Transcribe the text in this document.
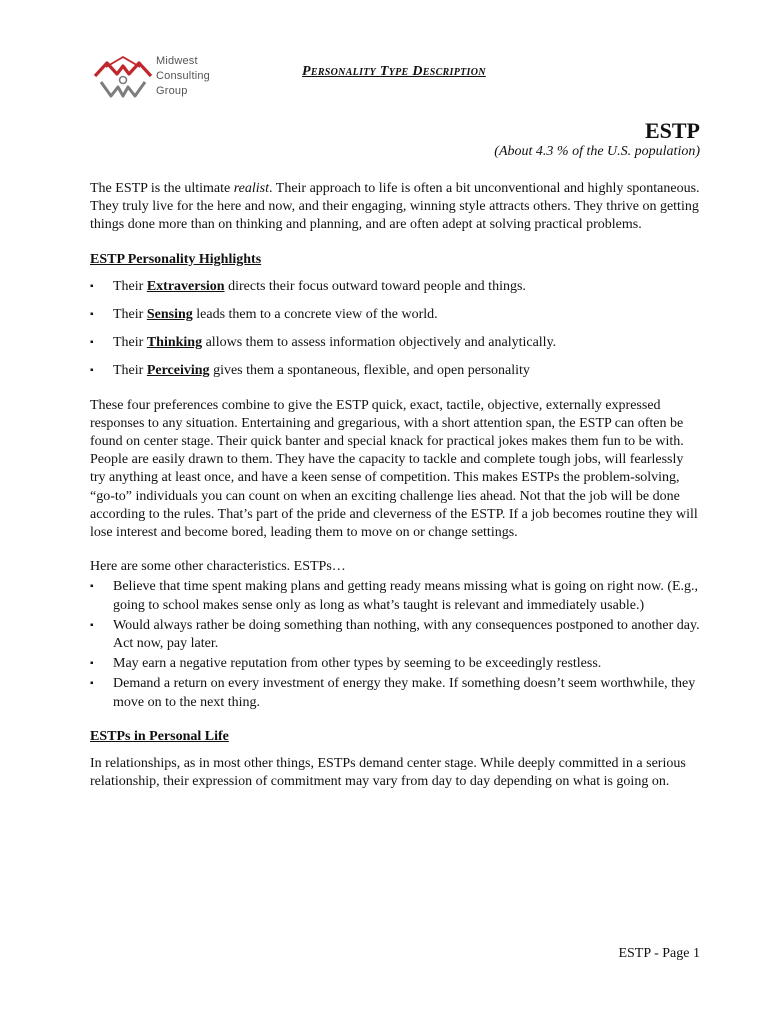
Midwest
Consulting
Group
Personality Type Description
ESTP
(About 4.3 % of the U.S. population)

The ESTP is the ultimate realist. Their approach to life is often a bit unconventional and highly spontaneous. They truly live for the here and now, and their engaging, winning style attracts others. They thrive on getting things done more than on thinking and planning, and are often adept at solving practical problems.

ESTP Personality Highlights
▪ Their Extraversion directs their focus outward toward people and things.
▪ Their Sensing leads them to a concrete view of the world.
▪ Their Thinking allows them to assess information objectively and analytically.
▪ Their Perceiving gives them a spontaneous, flexible, and open personality

These four preferences combine to give the ESTP quick, exact, tactile, objective, externally expressed responses to any situation. Entertaining and gregarious, with a short attention span, the ESTP can often be found on center stage. Their quick banter and special knack for practical jokes makes them fun to be with. People are easily drawn to them. They have the capacity to tackle and complete tough jobs, will fearlessly try anything at least once, and have a keen sense of competition. This makes ESTPs the problem-solving, “go-to” individuals you can count on when an exciting challenge lies ahead. Not that the job will be done according to the rules. That’s part of the pride and cleverness of the ESTP. If a job becomes routine they will lose interest and become bored, leading them to move on or change settings.

Here are some other characteristics. ESTPs…

▪ Believe that time spent making plans and getting ready means missing what is going on right now. (E.g., going to school makes sense only as long as what’s taught is relevant and immediately usable.)
▪ Would always rather be doing something than nothing, with any consequences postponed to another day. Act now, pay later.
▪ May earn a negative reputation from other types by seeming to be exceedingly restless.
▪ Demand a return on every investment of energy they make. If something doesn’t seem worthwhile, they move on to the next thing.
ESTPs in Personal Life

In relationships, as in most other things, ESTPs demand center stage. While deeply committed in a serious relationship, their expression of commitment may vary from day to day depending on what is going on.

ESTP - Page 1
